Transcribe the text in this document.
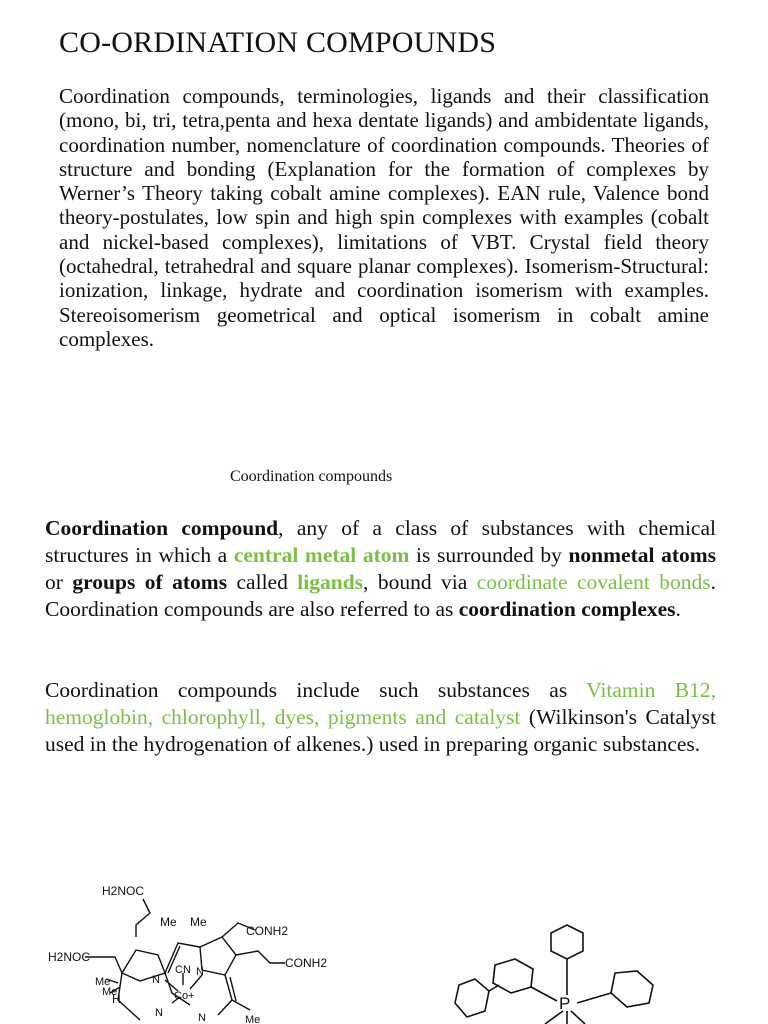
CO-ORDINATION COMPOUNDS

Coordination compounds, terminologies, ligands and their classification (mono, bi, tri, tetra,penta and hexa dentate ligands) and ambidentate ligands, coordination number, nomenclature of coordination compounds. Theories of structure and bonding (Explanation for the formation of complexes by Werner’s Theory taking cobalt amine complexes). EAN rule, Valence bond theory-postulates, low spin and high spin complexes with examples (cobalt and nickel-based complexes), limitations of VBT. Crystal field theory (octahedral, tetrahedral and square planar complexes). Isomerism-Structural: ionization, linkage, hydrate and coordination isomerism with examples. Stereoisomerism geometrical and optical isomerism in cobalt amine complexes.

Coordination compounds

Coordination compound, any of a class of substances with chemical structures in which a central metal atom is surrounded by nonmetal atoms or groups of atoms called ligands, bound via coordinate covalent bonds. Coordination compounds are also referred to as coordination complexes.

Coordination compounds include such substances as Vitamin B12, hemoglobin, chlorophyll, dyes, pigments and catalyst (Wilkinson's Catalyst used in the hydrogenation of alkenes.) used in preparing organic substances.

H2NOC
Me Me
CONH2
CONH2
H2NOC
Me
Me
H
N
N
N	N
CN
Co+
Me
P
